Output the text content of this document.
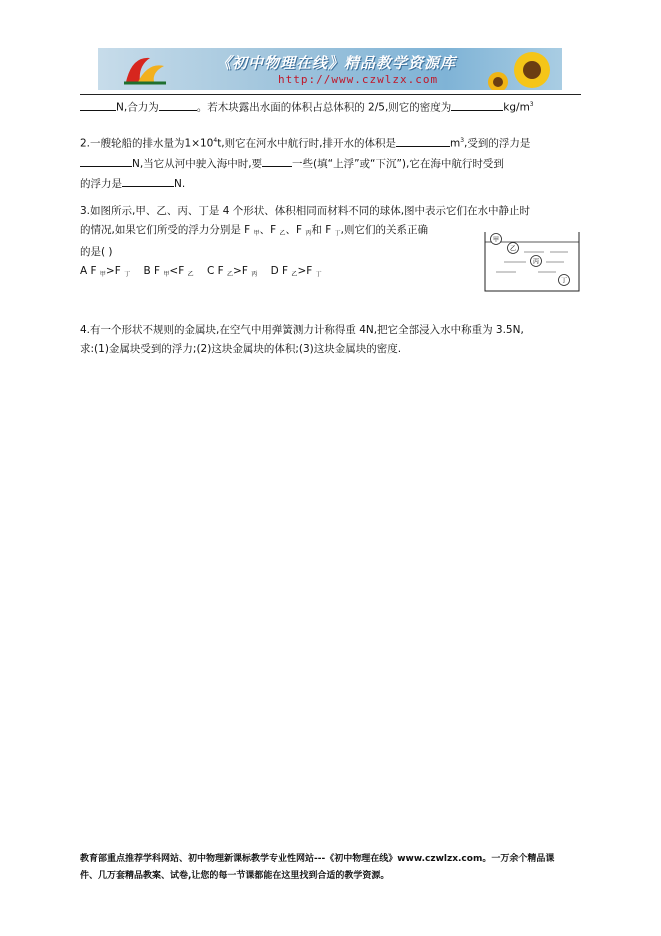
《初中物理在线》精品教学资源库
http://www.czwlzx.com
N,合力为	。若木块露出水面的体积占总体积的 2/5,则它的密度为	$kg/m^3$
2.一艘轮船的排水量为$1\times 10^4t$,则它在河水中航行时,排开水的体积是	$m^3$,受到的浮力是
N,当它从河中驶入海中时,要	一些(填“上浮”或“下沉”),它在海中航行时受到
的浮力是	N.
3.如图所示,甲、乙、丙、丁是 4 个形状、体积相同而材料不同的球体,图中表示它们在水中静止时
的情况,如果它们所受的浮力分别是 F $_甲$、F $_乙$、F $_丙$和 F $_丁$,则它们的关系正确
的是( )
A F $_甲$>F $_丁$ B F $_甲$<F $_乙$ C F $_乙$>F $_丙$ D F $_乙$>F $_丁$
甲
乙
丙
丁
4.有一个形状不规则的金属块,在空气中用弹簧测力计称得重 4N,把它全部浸入水中称重为 3.5N,
求:(1)金属块受到的浮力;(2)这块金属块的体积;(3)这块金属块的密度.
教育部重点推荐学科网站、初中物理新课标教学专业性网站---《初中物理在线》www.czwlzx.com。一万余个精品课
件、几万套精品教案、试卷,让您的每一节课都能在这里找到合适的教学资源。
